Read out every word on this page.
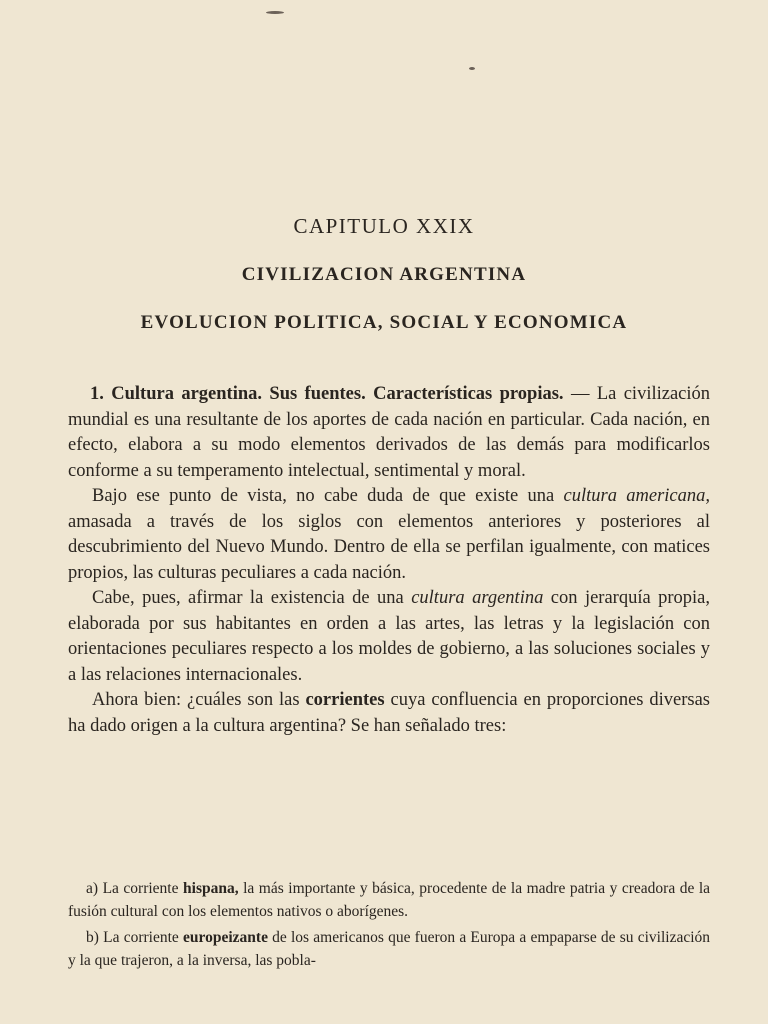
CAPITULO XXIX
CIVILIZACION ARGENTINA
EVOLUCION POLITICA, SOCIAL Y ECONOMICA

1. Cultura argentina. Sus fuentes. Características propias. — La civilización mundial es una resultante de los aportes de cada nación en particular. Cada nación, en efecto, elabora a su modo elementos derivados de las demás para modificarlos conforme a su temperamento intelectual, sentimental y moral.

Bajo ese punto de vista, no cabe duda de que existe una cultura americana, amasada a través de los siglos con elementos anteriores y posteriores al descubrimiento del Nuevo Mundo. Dentro de ella se perfilan igualmente, con matices propios, las culturas peculiares a cada nación.

Cabe, pues, afirmar la existencia de una cultura argentina con jerarquía propia, elaborada por sus habitantes en orden a las artes, las letras y la legislación con orientaciones peculiares respecto a los moldes de gobierno, a las soluciones sociales y a las relaciones internacionales.

Ahora bien: ¿cuáles son las corrientes cuya confluencia en proporciones diversas ha dado origen a la cultura argentina? Se han señalado tres:

a) La corriente hispana, la más importante y básica, procedente de la madre patria y creadora de la fusión cultural con los elementos nativos o aborígenes.

b) La corriente europeizante de los americanos que fueron a Europa a empaparse de su civilización y la que trajeron, a la inversa, las pobla-
